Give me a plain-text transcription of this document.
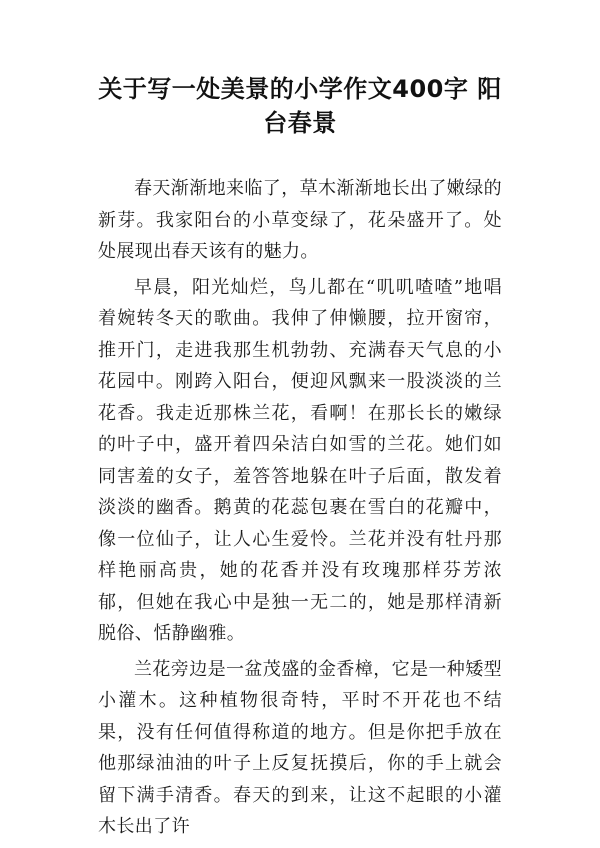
关于写一处美景的小学作文400字 阳台春景

春天渐渐地来临了，草木渐渐地长出了嫩绿的新芽。我家阳台的小草变绿了，花朵盛开了。处处展现出春天该有的魅力。

早晨，阳光灿烂，鸟儿都在“叽叽喳喳”地唱着婉转冬天的歌曲。我伸了伸懒腰，拉开窗帘，推开门，走进我那生机勃勃、充满春天气息的小花园中。刚跨入阳台，便迎风飘来一股淡淡的兰花香。我走近那株兰花，看啊！在那长长的嫩绿的叶子中，盛开着四朵洁白如雪的兰花。她们如同害羞的女子，羞答答地躲在叶子后面，散发着淡淡的幽香。鹅黄的花蕊包裹在雪白的花瓣中，像一位仙子，让人心生爱怜。兰花并没有牡丹那样艳丽高贵，她的花香并没有玫瑰那样芬芳浓郁，但她在我心中是独一无二的，她是那样清新脱俗、恬静幽雅。

兰花旁边是一盆茂盛的金香樟，它是一种矮型小灌木。这种植物很奇特，平时不开花也不结果，没有任何值得称道的地方。但是你把手放在他那绿油油的叶子上反复抚摸后，你的手上就会留下满手清香。春天的到来，让这不起眼的小灌木长出了许
